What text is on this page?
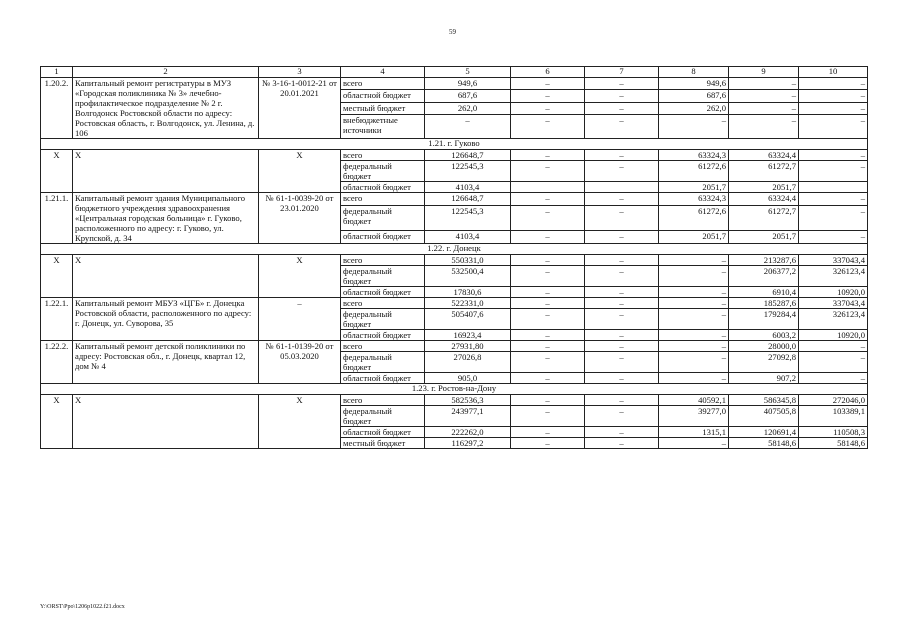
59
1	2	3	4	5	6	7	8	9	10
1.20.2.	Капитальный ремонт регистратуры в МУЗ «Городская поликлиника № 3» лечебно-профилактическое подразделение № 2 г. Волгодонск Ростовской области по адресу: Ростовская область, г. Волгодонск, ул. Ленина, д. 106	№ 3-16-1-0012-21 от 20.01.2021	всего	949,6	–	–	949,6	–	–
			областной бюджет	687,6	–	–	687,6	–	–
			местный бюджет	262,0	–	–	262,0	–	–
			внебюджетные источники	–	–	–	–	–	–
1.21. г. Гуково									
Х	Х	Х	всего	126648,7	–	–	63324,3	63324,4	–
			федеральный бюджет	122545,3	–	–	61272,6	61272,7	–
			областной бюджет	4103,4			2051,7	2051,7	
1.21.1.	Капитальный ремонт здания Муниципального бюджетного учреждения здравоохранения «Центральная городская больница» г. Гуково, расположенного по адресу: г. Гуково, ул. Крупской, д. 34	№ 61-1-0039-20 от 23.01.2020	всего	126648,7	–	–	63324,3	63324,4	–
			федеральный бюджет	122545,3	–	–	61272,6	61272,7	–
			областной бюджет	4103,4	–	–	2051,7	2051,7	–
1.22. г. Донецк									
Х	Х	Х	всего	550331,0	–	–	–	213287,6	337043,4
			федеральный бюджет	532500,4	–	–	–	206377,2	326123,4
			областной бюджет	17830,6	–	–	–	6910,4	10920,0
1.22.1.	Капитальный ремонт МБУЗ «ЦГБ» г. Донецка Ростовской области, расположенного по адресу: г. Донецк, ул. Суворова, 35	–	всего	522331,0	–	–	–	185287,6	337043,4
			федеральный бюджет	505407,6	–	–	–	179284,4	326123,4
			областной бюджет	16923,4	–	–	–	6003,2	10920,0
1.22.2.	Капитальный ремонт детской поликлиники по адресу: Ростовская обл., г. Донецк, квартал 12, дом № 4	№ 61-1-0139-20 от 05.03.2020	всего	27931,80	–	–	–	28000,0	–
			федеральный бюджет	27026,8	–	–	–	27092,8	–
			областной бюджет	905,0	–	–	–	907,2	–
1.23. г. Ростов-на-Дону									
Х	Х	Х	всего	582536,3	–	–	40592,1	586345,8	272046,0
			федеральный бюджет	243977,1	–	–	39277,0	407505,8	103389,1
			областной бюджет	222262,0	–	–	1315,1	120691,4	110508,3
			местный бюджет	116297,2	–	–	–	58148,6	58148,6
Y:\ORST\Ppo\1206p1022.f21.docx
